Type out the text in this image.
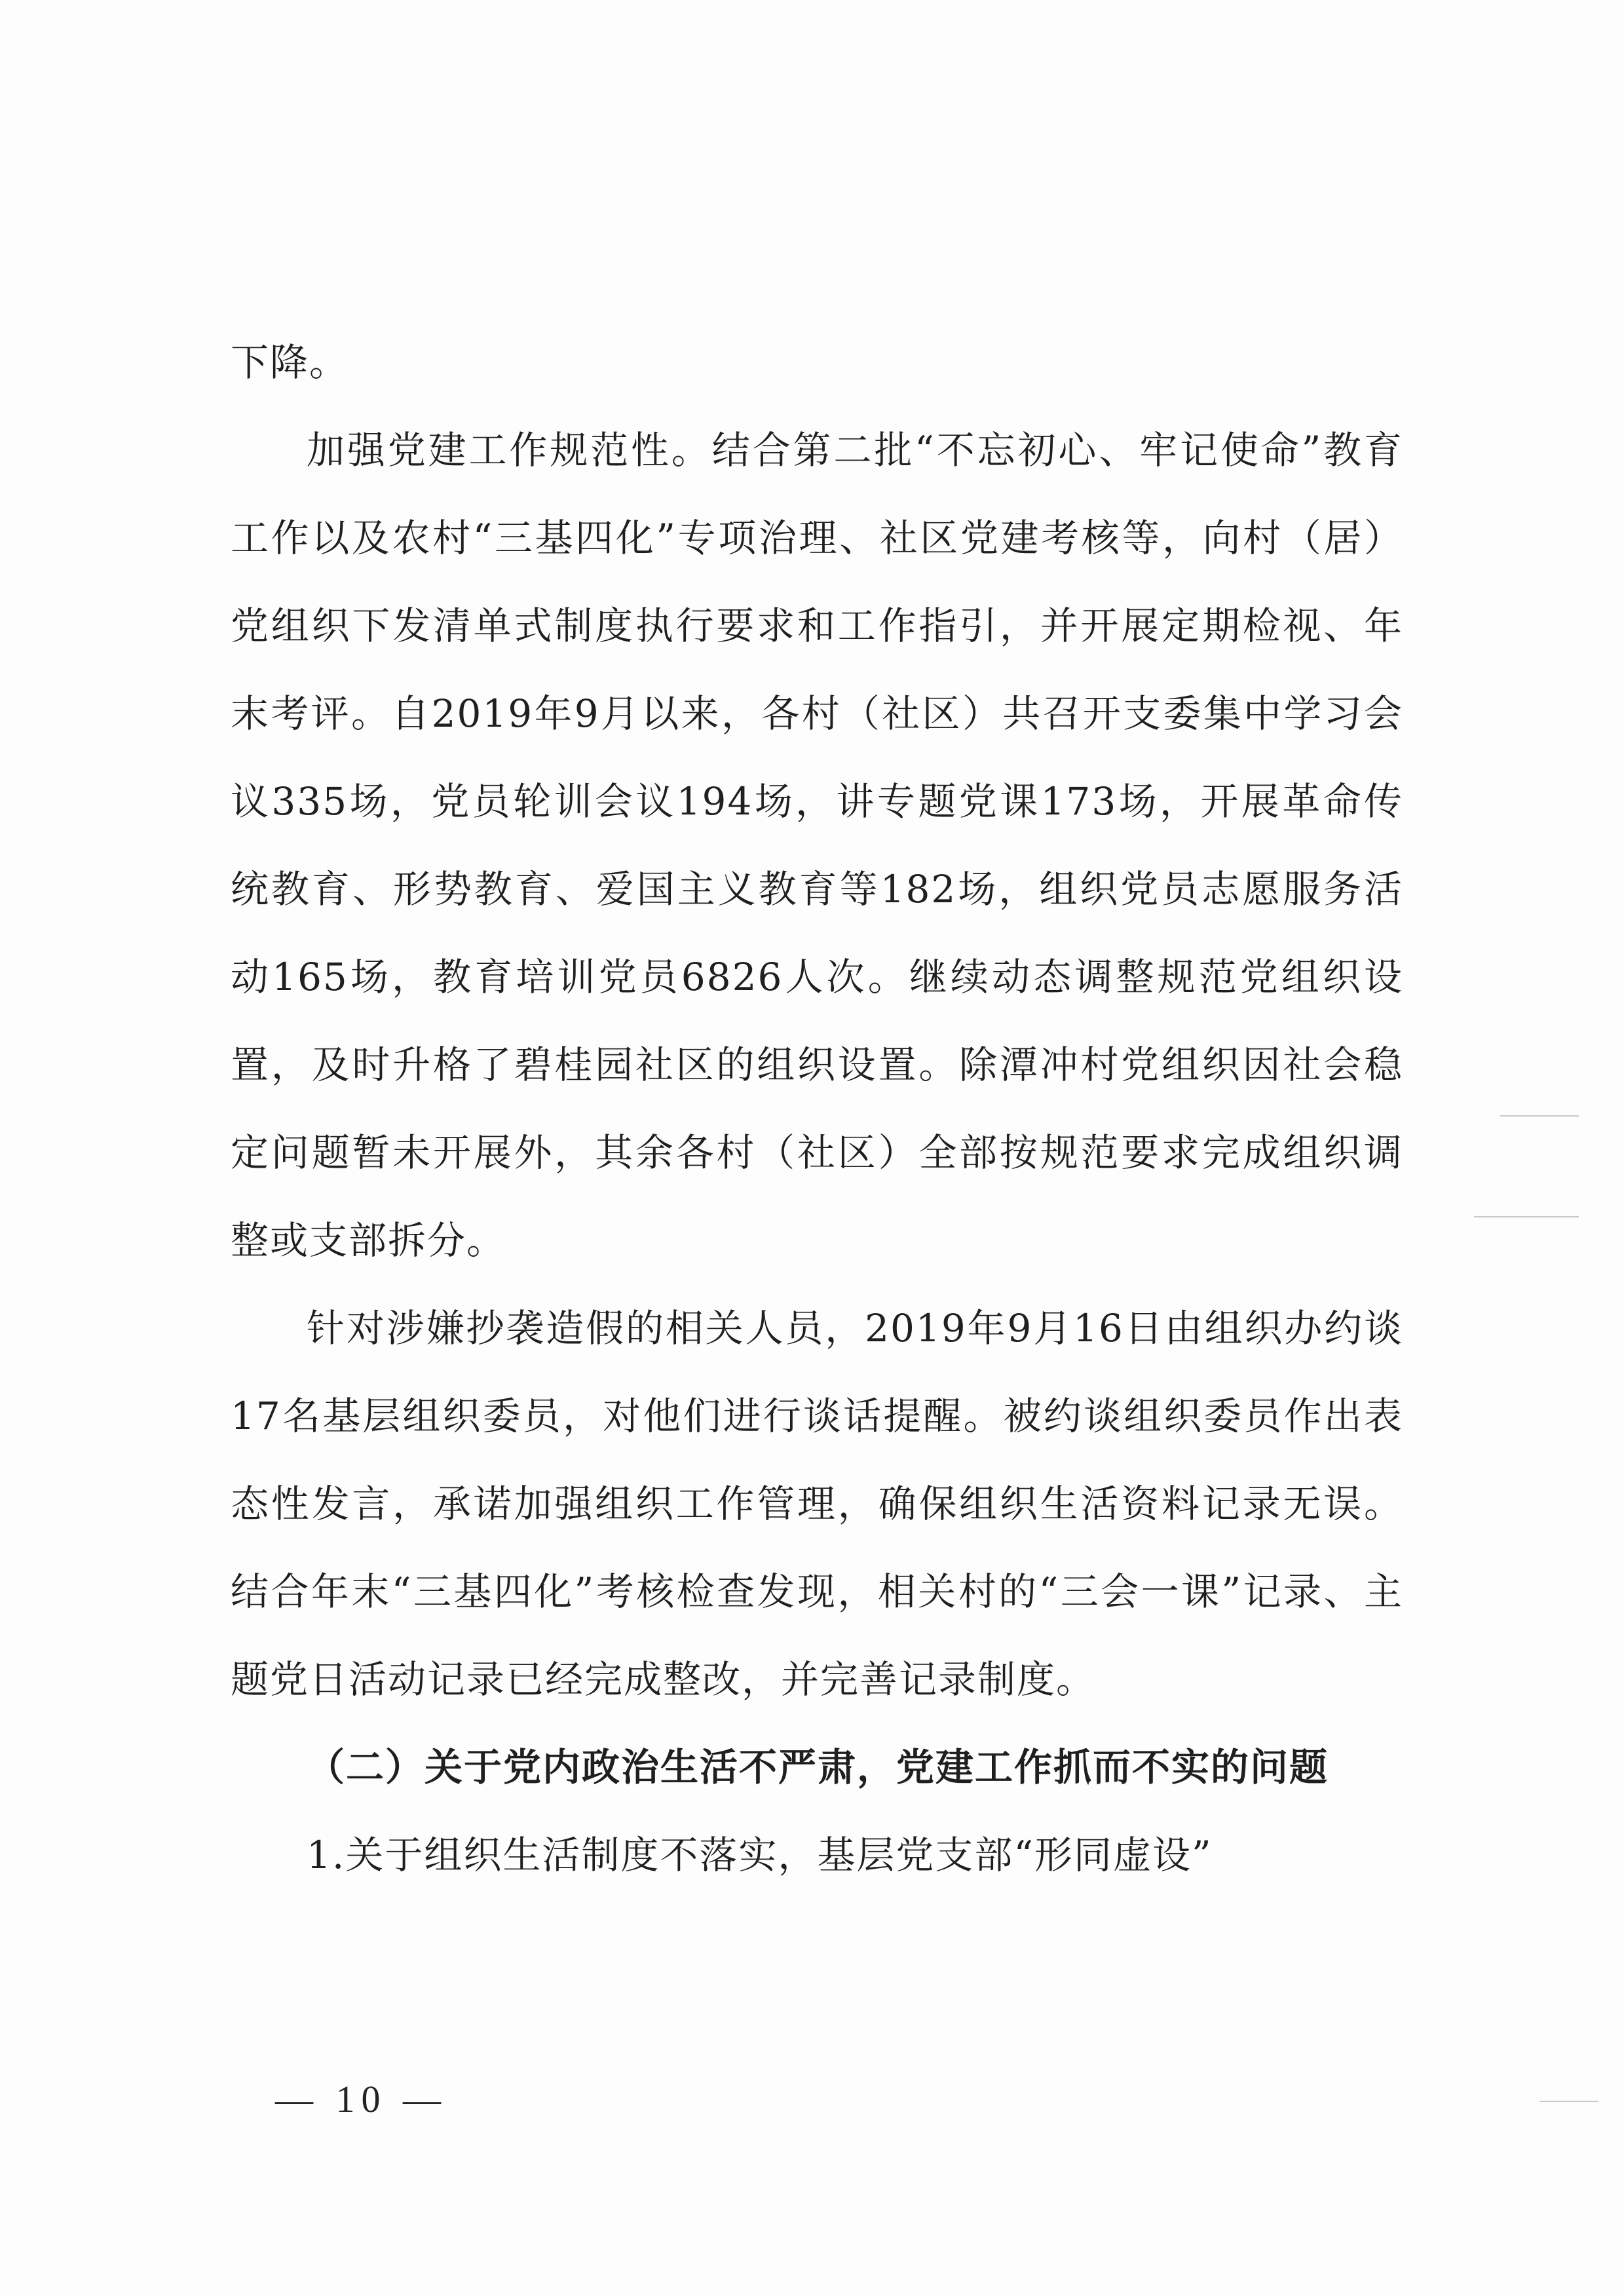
下降。

加强党建工作规范性。结合第二批“不忘初心、牢记使命”教育工作以及农村“三基四化”专项治理、社区党建考核等，向村（居）党组织下发清单式制度执行要求和工作指引，并开展定期检视、年末考评。自2019年9月以来，各村（社区）共召开支委集中学习会议335场，党员轮训会议194场，讲专题党课173场，开展革命传统教育、形势教育、爱国主义教育等182场，组织党员志愿服务活动165场，教育培训党员6826人次。继续动态调整规范党组织设置，及时升格了碧桂园社区的组织设置。除潭冲村党组织因社会稳定问题暂未开展外，其余各村（社区）全部按规范要求完成组织调整或支部拆分。

针对涉嫌抄袭造假的相关人员，2019年9月16日由组织办约谈17名基层组织委员，对他们进行谈话提醒。被约谈组织委员作出表态性发言，承诺加强组织工作管理，确保组织生活资料记录无误。结合年末“三基四化”考核检查发现，相关村的“三会一课”记录、主题党日活动记录已经完成整改，并完善记录制度。

（二）关于党内政治生活不严肃，党建工作抓而不实的问题

1.关于组织生活制度不落实，基层党支部“形同虚设”

— 10 —
